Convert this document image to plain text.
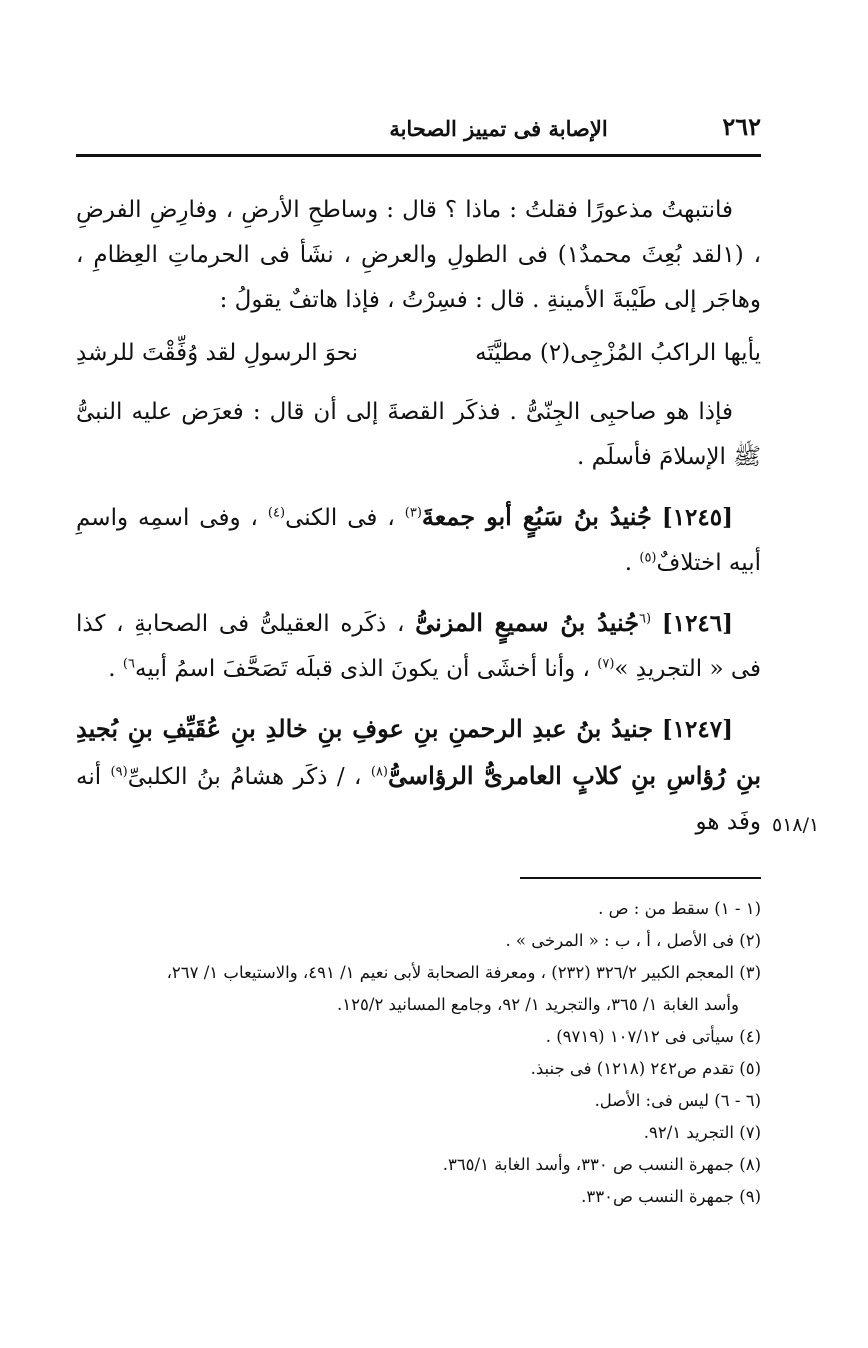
٢٦٢
الإصابة فى تمييز الصحابة

فانتبهتُ مذعورًا فقلتُ : ماذا ؟ قال : وساطحِ الأرضِ ، وفارِضِ الفرضِ ، (١لقد بُعِثَ محمدٌ١) فى الطولِ والعرضِ ، نشَأ فى الحرماتِ العِظامِ ، وهاجَر إلى طَيْبةَ الأمينةِ . قال : فسِرْتُ ، فإذا هاتفٌ يقولُ :

يأيها الراكبُ المُزْجِى(٢) مطيَّتَه
نحوَ الرسولِ لقد وُفِّقْتَ للرشدِ

فإذا هو صاحبِى الجِنّىُّ . فذكَر القصةَ إلى أن قال : فعرَض عليه النبىُّ ﷺ الإسلامَ فأسلَم .

[١٢٤٥] جُنيدُ بنُ سَبُعٍ أبو جمعةَ$^{(٣)}$ ، فى الكنى$^{(٤)}$ ، وفى اسمِه واسمِ أبيه اختلافٌ$^{(٥)}$ .

[١٢٤٦] $^{(٦}$جُنيدُ بنُ سميعٍ المزنىُّ ، ذكَره العقيلىُّ فى الصحابةِ ، كذا فى « التجريدِ »$^{(٧)}$ ، وأنا أخشَى أن يكونَ الذى قبلَه تَصَحَّفَ اسمُ أبيه$^{٦)}$ .

[١٢٤٧] جنيدُ بنُ عبدِ الرحمنِ بنِ عوفِ بنِ خالدِ بنِ عُقَيِّفِ بنِ بُجيدِ بنِ رُؤاسِ بنِ كلابٍ العامرىُّ الرؤاسىُّ$^{(٨)}$ ، / ذكَر هشامُ بنُ الكلبىِّ$^{(٩)}$ أنه وفَد هو ٥١٨/١

(١ - ١) سقط من : ص .

(٢) فى الأصل ، أ ، ب : « المرخى » .

(٣) المعجم الكبير ٣٢٦/٢ (٢٣٢) ، ومعرفة الصحابة لأبى نعيم ١/ ٤٩١، والاستيعاب ١/ ٢٦٧،

وأسد الغابة ١/ ٣٦٥، والتجريد ١/ ٩٢، وجامع المسانيد ١٢٥/٢.

(٤) سيأتى فى ١٠٧/١٢ (٩٧١٩) .

(٥) تقدم ص٢٤٢ (١٢١٨) فى جنبذ.

(٦ - ٦) ليس فى: الأصل.

(٧) التجريد ٩٢/١.

(٨) جمهرة النسب ص ٣٣٠، وأسد الغابة ٣٦٥/١.

(٩) جمهرة النسب ص٣٣٠.
